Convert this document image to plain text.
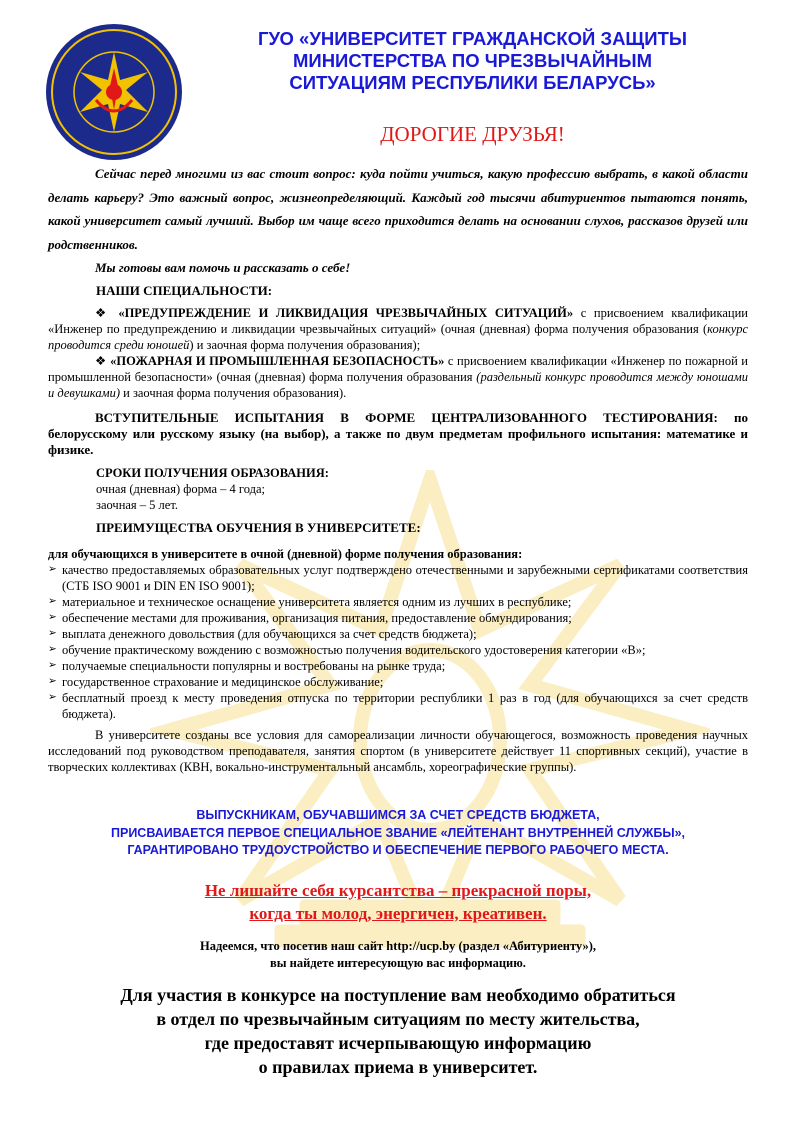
ГУО «УНИВЕРСИТЕТ ГРАЖДАНСКОЙ ЗАЩИТЫ
МИНИСТЕРСТВА ПО ЧРЕЗВЫЧАЙНЫМ
СИТУАЦИЯМ РЕСПУБЛИКИ БЕЛАРУСЬ»
ДОРОГИЕ ДРУЗЬЯ!

Сейчас перед многими из вас стоит вопрос: куда пойти учиться, какую профессию выбрать, в какой области делать карьеру? Это важный вопрос, жизнеопределяющий. Каждый год тысячи абитуриентов пытаются понять, какой университет самый лучший. Выбор им чаще всего приходится делать на основании слухов, рассказов друзей или родственников.

Мы готовы вам помочь и рассказать о себе!

НАШИ СПЕЦИАЛЬНОСТИ:

❖ «ПРЕДУПРЕЖДЕНИЕ И ЛИКВИДАЦИЯ ЧРЕЗВЫЧАЙНЫХ СИТУАЦИЙ» с присвоением квалификации «Инженер по предупреждению и ликвидации чрезвычайных ситуаций» (очная (дневная) форма получения образования (конкурс проводится среди юношей) и заочная форма получения образования);

❖ «ПОЖАРНАЯ И ПРОМЫШЛЕННАЯ БЕЗОПАСНОСТЬ» с присвоением квалификации «Инженер по пожарной и промышленной безопасности» (очная (дневная) форма получения образования (раздельный конкурс проводится между юношами и девушками) и заочная форма получения образования).

ВСТУПИТЕЛЬНЫЕ ИСПЫТАНИЯ В ФОРМЕ ЦЕНТРАЛИЗОВАННОГО ТЕСТИРОВАНИЯ: по белорусскому или русскому языку (на выбор), а также по двум предметам профильного испытания: математике и физике.

СРОКИ ПОЛУЧЕНИЯ ОБРАЗОВАНИЯ:
очная (дневная) форма – 4 года;
заочная – 5 лет.
ПРЕИМУЩЕСТВА ОБУЧЕНИЯ В УНИВЕРСИТЕТЕ:
для обучающихся в университете в очной (дневной) форме получения образования:
➢ качество предоставляемых образовательных услуг подтверждено отечественными и зарубежными сертификатами соответствия (СТБ ISO 9001 и DIN EN ISO 9001);
➢ материальное и техническое оснащение университета является одним из лучших в республике;
➢ обеспечение местами для проживания, организация питания, предоставление обмундирования;
➢ выплата денежного довольствия (для обучающихся за счет средств бюджета);
➢ обучение практическому вождению с возможностью получения водительского удостоверения категории «В»;
➢ получаемые специальности популярны и востребованы на рынке труда;
➢ государственное страхование и медицинское обслуживание;
➢ бесплатный проезд к месту проведения отпуска по территории республики 1 раз в год (для обучающихся за счет средств бюджета).

В университете созданы все условия для самореализации личности обучающегося, возможность проведения научных исследований под руководством преподавателя, занятия спортом (в университете действует 11 спортивных секций), участие в творческих коллективах (КВН, вокально-инструментальный ансамбль, хореографические группы).

ВЫПУСКНИКАМ, ОБУЧАВШИМСЯ ЗА СЧЕТ СРЕДСТВ БЮДЖЕТА,
ПРИСВАИВАЕТСЯ ПЕРВОЕ СПЕЦИАЛЬНОЕ ЗВАНИЕ «ЛЕЙТЕНАНТ ВНУТРЕННЕЙ СЛУЖБЫ»,
ГАРАНТИРОВАНО ТРУДОУСТРОЙСТВО И ОБЕСПЕЧЕНИЕ ПЕРВОГО РАБОЧЕГО МЕСТА.
Не лишайте себя курсантства – прекрасной поры,
когда ты молод, энергичен, креативен.
Надеемся, что посетив наш сайт http://ucp.by (раздел «Абитуриенту»),
вы найдете интересующую вас информацию.
Для участия в конкурсе на поступление вам необходимо обратиться
в отдел по чрезвычайным ситуациям по месту жительства,
где предоставят исчерпывающую информацию
о правилах приема в университет.
